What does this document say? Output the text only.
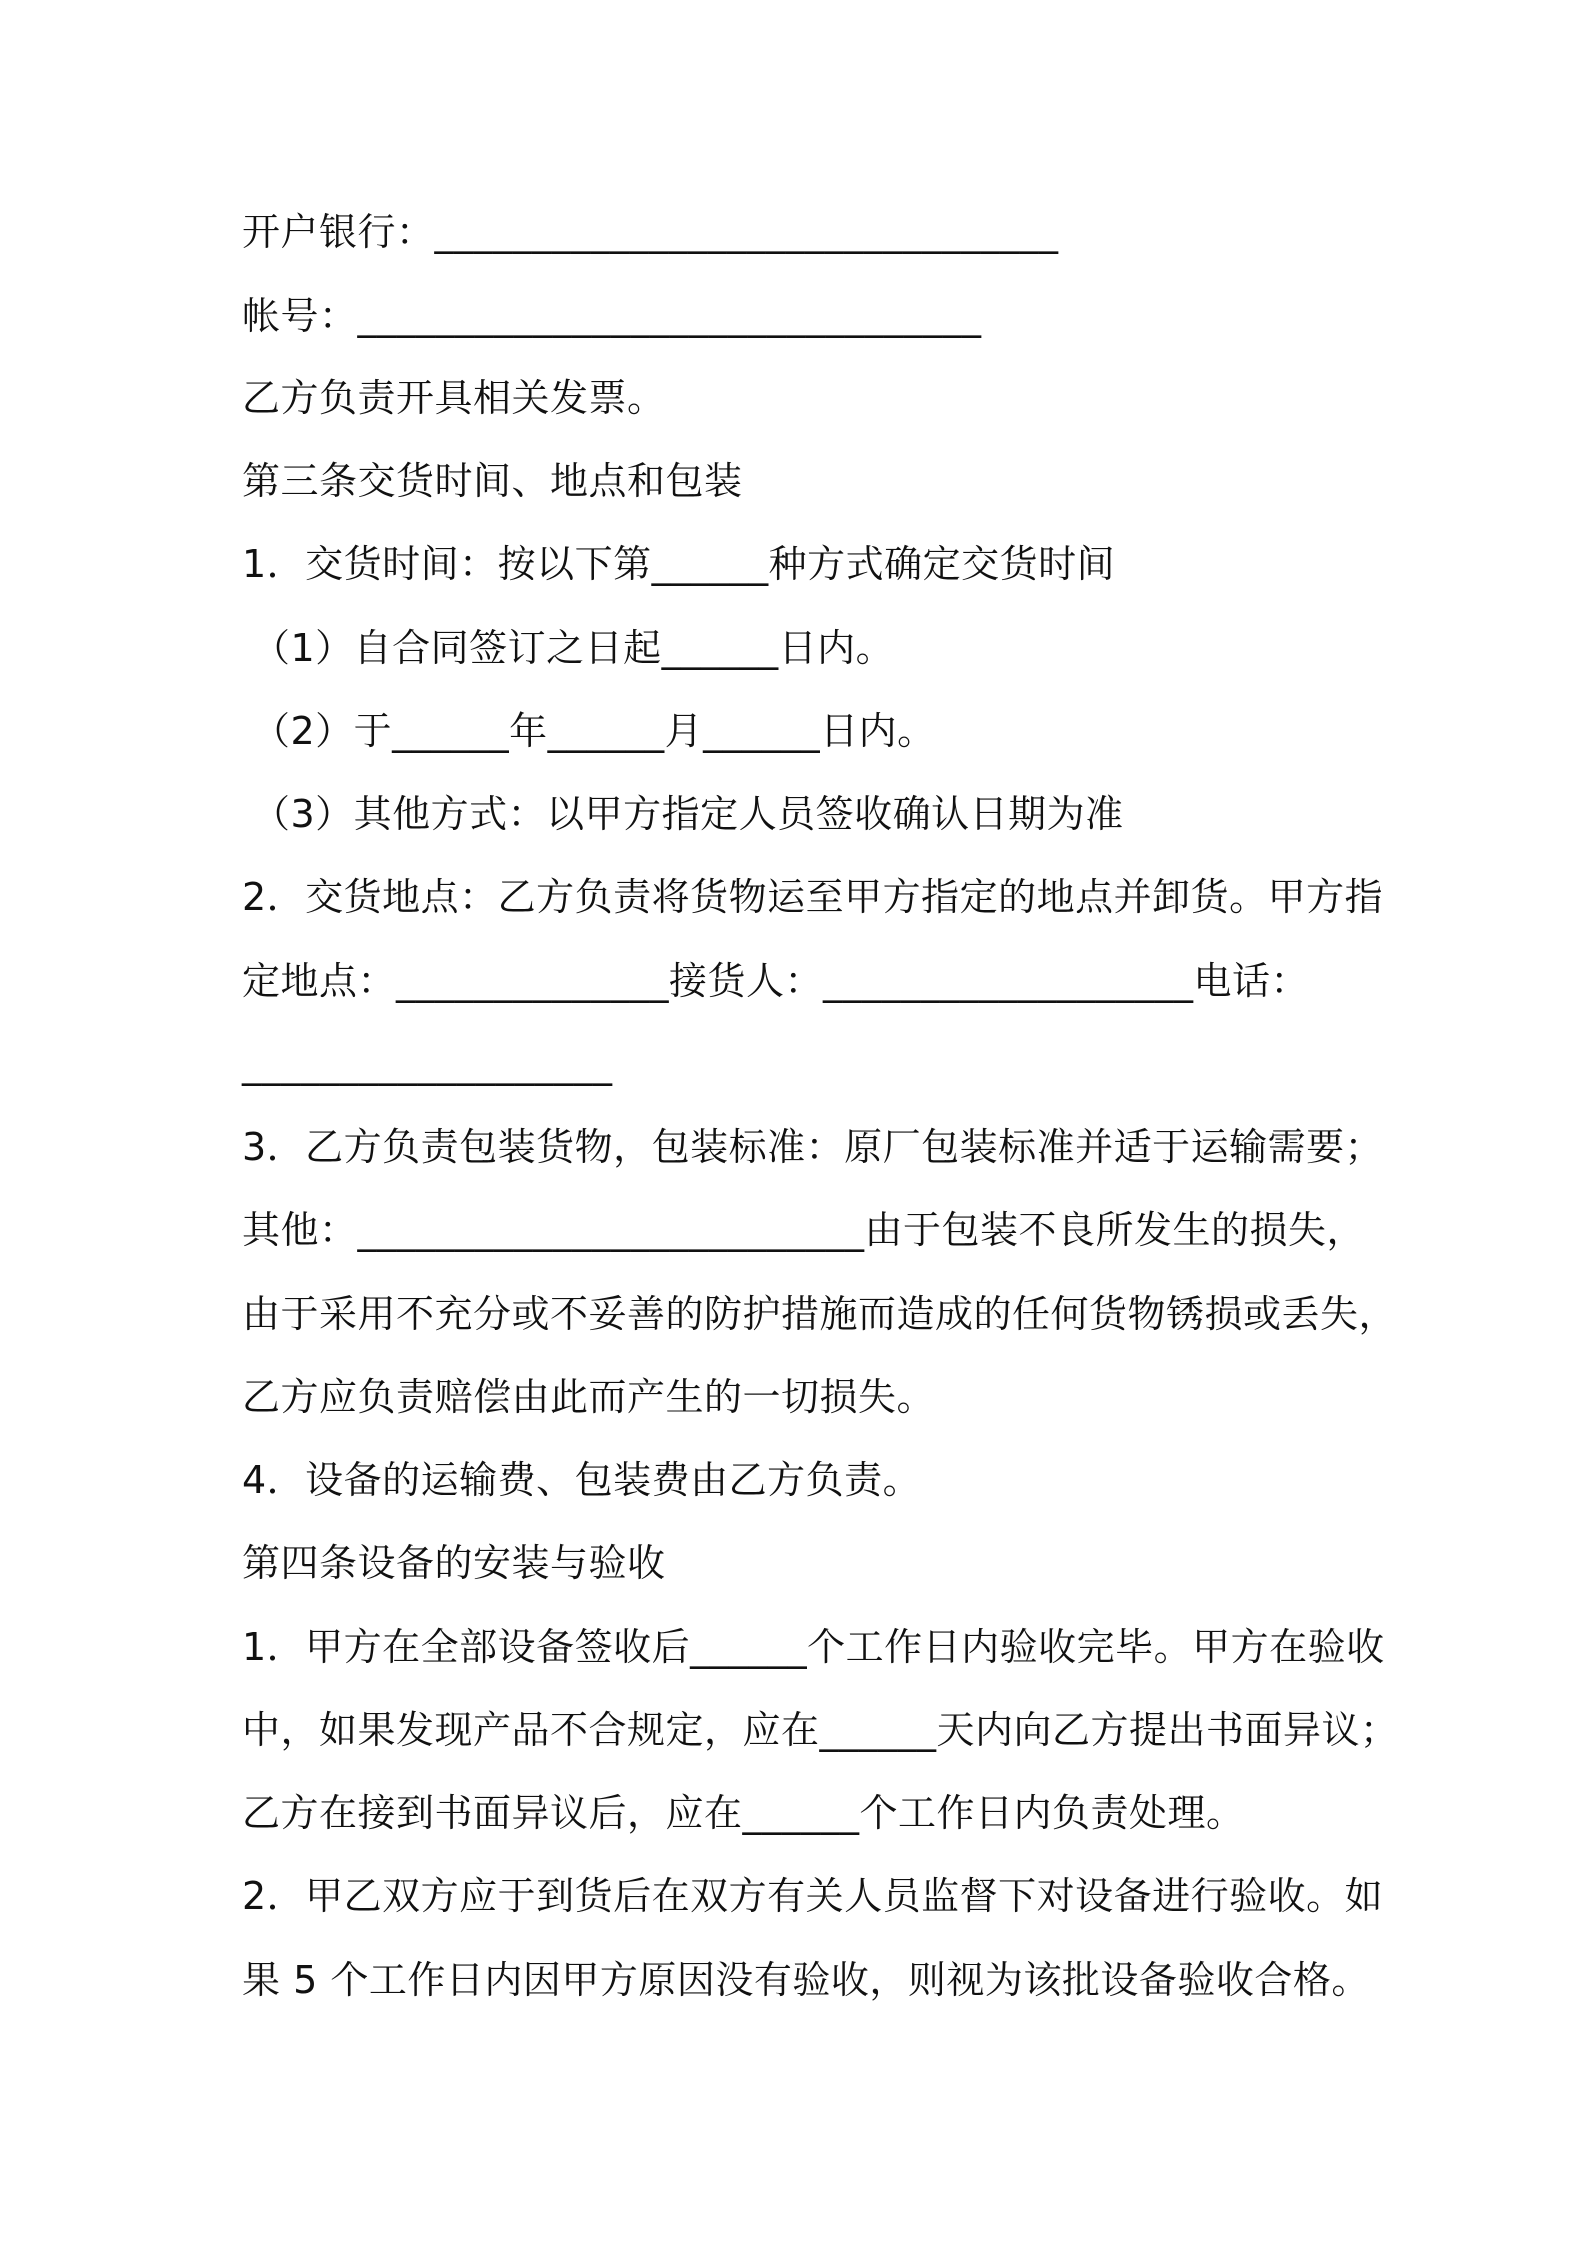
开户银行：________________________________
帐号：________________________________
乙方负责开具相关发票。
第三条交货时间、地点和包装
1．交货时间：按以下第______种方式确定交货时间
（1）自合同签订之日起______日内。
（2）于______年______月______日内。
（3）其他方式：以甲方指定人员签收确认日期为准
2．交货地点：乙方负责将货物运至甲方指定的地点并卸货。甲方指
定地点：______________接货人：___________________电话：
___________________
3．乙方负责包装货物，包装标准：原厂包装标准并适于运输需要；
其他：__________________________由于包装不良所发生的损失，
由于采用不充分或不妥善的防护措施而造成的任何货物锈损或丢失，
乙方应负责赔偿由此而产生的一切损失。
4．设备的运输费、包装费由乙方负责。
第四条设备的安装与验收
1．甲方在全部设备签收后______个工作日内验收完毕。甲方在验收
中，如果发现产品不合规定，应在______天内向乙方提出书面异议；
乙方在接到书面异议后，应在______个工作日内负责处理。
2．甲乙双方应于到货后在双方有关人员监督下对设备进行验收。如
果 5 个工作日内因甲方原因没有验收，则视为该批设备验收合格。
